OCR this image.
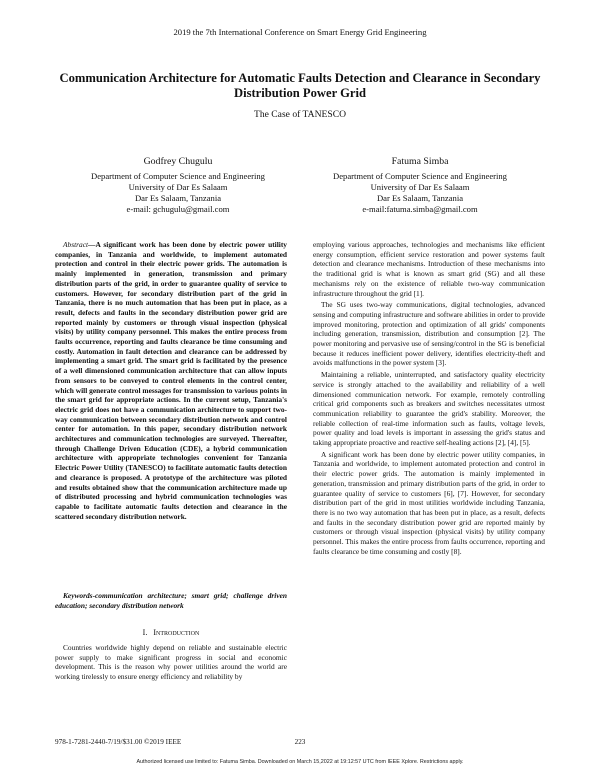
2019 the 7th International Conference on Smart Energy Grid Engineering
Communication Architecture for Automatic Faults Detection and Clearance in Secondary Distribution Power Grid
The Case of TANESCO
Godfrey Chugulu
Department of Computer Science and Engineering
University of Dar Es Salaam
Dar Es Salaam, Tanzania
e-mail: gchugulu@gmail.com
Fatuma Simba
Department of Computer Science and Engineering
University of Dar Es Salaam
Dar Es Salaam, Tanzania
e-mail:fatuma.simba@gmail.com
Abstract—A significant work has been done by electric power utility companies, in Tanzania and worldwide, to implement automated protection and control in their electric power grids. The automation is mainly implemented in generation, transmission and primary distribution parts of the grid, in order to guarantee quality of service to customers. However, for secondary distribution part of the grid in Tanzania, there is no much automation that has been put in place, as a result, defects and faults in the secondary distribution power grid are reported mainly by customers or through visual inspection (physical visits) by utility company personnel. This makes the entire process from faults occurrence, reporting and faults clearance be time consuming and costly. Automation in fault detection and clearance can be addressed by implementing a smart grid. The smart grid is facilitated by the presence of a well dimensioned communication architecture that can allow inputs from sensors to be conveyed to control elements in the control center, which will generate control messages for transmission to various points in the smart grid for appropriate actions. In the current setup, Tanzania's electric grid does not have a communication architecture to support two-way communication between secondary distribution network and control center for automation. In this paper, secondary distribution network architectures and communication technologies are surveyed. Thereafter, through Challenge Driven Education (CDE), a hybrid communication architecture with appropriate technologies convenient for Tanzania Electric Power Utility (TANESCO) to facilitate automatic faults detection and clearance is proposed. A prototype of the architecture was piloted and results obtained show that the communication architecture made up of distributed processing and hybrid communication technologies was capable to facilitate automatic faults detection and clearance in the scattered secondary distribution network.
Keywords-communication architecture; smart grid; challenge driven education; secondary distribution network
I. Introduction
Countries worldwide highly depend on reliable and sustainable electric power supply to make significant progress in social and economic development. This is the reason why power utilities around the world are working tirelessly to ensure energy efficiency and reliability by

employing various approaches, technologies and mechanisms like efficient energy consumption, efficient service restoration and power systems fault detection and clearance mechanisms. Introduction of these mechanisms into the traditional grid is what is known as smart grid (SG) and all these mechanisms rely on the existence of reliable two-way communication infrastructure throughout the grid [1].

The SG uses two-way communications, digital technologies, advanced sensing and computing infrastructure and software abilities in order to provide improved monitoring, protection and optimization of all grids' components including generation, transmission, distribution and consumption [2]. The power monitoring and pervasive use of sensing/control in the SG is beneficial because it reduces inefficient power delivery, identifies electricity-theft and avoids malfunctions in the power system [3].

Maintaining a reliable, uninterrupted, and satisfactory quality electricity service is strongly attached to the availability and reliability of a well dimensioned communication network. For example, remotely controlling critical grid components such as breakers and switches necessitates utmost communication reliability to guarantee the grid's stability. Moreover, the reliable collection of real-time information such as faults, voltage levels, power quality and load levels is important in assessing the grid's status and taking appropriate proactive and reactive self-healing actions [2], [4], [5].

A significant work has been done by electric power utility companies, in Tanzania and worldwide, to implement automated protection and control in their electric power grids. The automation is mainly implemented in generation, transmission and primary distribution parts of the grid, in order to guarantee quality of service to customers [6], [7]. However, for secondary distribution part of the grid in most utilities worldwide including Tanzania, there is no two way automation that has been put in place, as a result, defects and faults in the secondary distribution power grid are reported mainly by customers or through visual inspection (physical visits) by utility company personnel. This makes the entire process from faults occurrence, reporting and faults clearance be time consuming and costly [8].

978-1-7281-2440-7/19/$31.00 ©2019 IEEE	223
Authorized licensed use limited to: Fatuma Simba. Downloaded on March 15,2022 at 19:12:57 UTC from IEEE Xplore. Restrictions apply.
